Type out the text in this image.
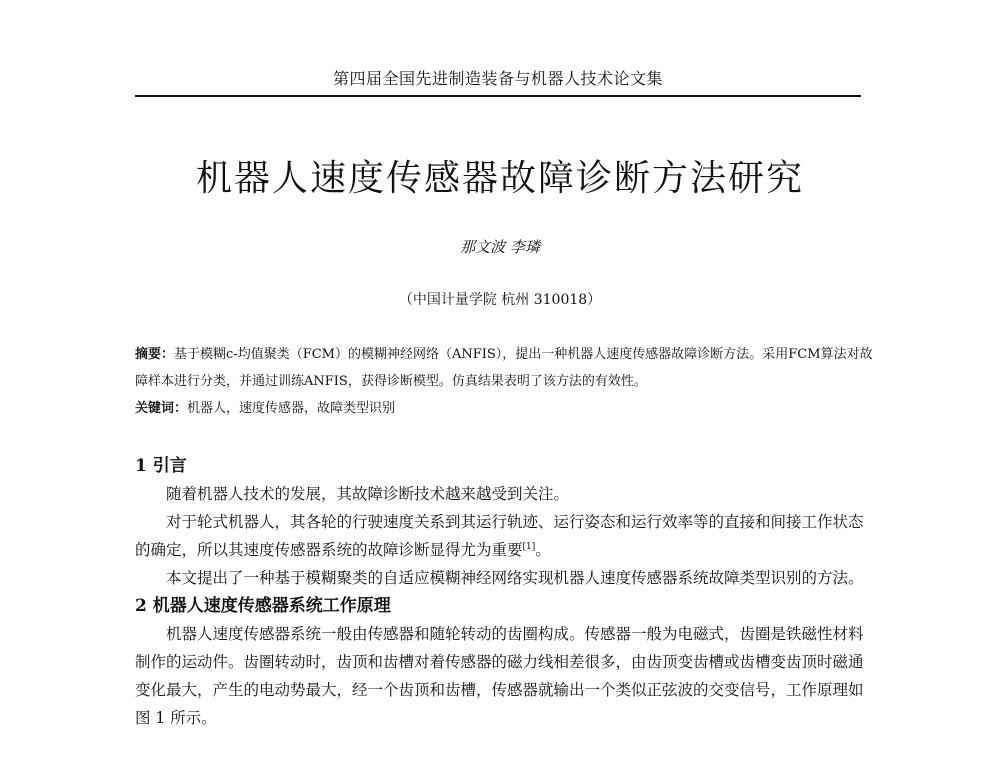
第四届全国先进制造装备与机器人技术论文集
机器人速度传感器故障诊断方法研究
那文波 李璘
（中国计量学院 杭州 310018）
摘要：基于模糊c-均值聚类（FCM）的模糊神经网络（ANFIS），提出一种机器人速度传感器故障诊断方法。采用FCM算法对故障样本进行分类，并通过训练ANFIS，获得诊断模型。仿真结果表明了该方法的有效性。
关键词：机器人，速度传感器，故障类型识别
1 引言
随着机器人技术的发展，其故障诊断技术越来越受到关注。
对于轮式机器人，其各轮的行驶速度关系到其运行轨迹、运行姿态和运行效率等的直接和间接工作状态的确定，所以其速度传感器系统的故障诊断显得尤为重要[1]。
本文提出了一种基于模糊聚类的自适应模糊神经网络实现机器人速度传感器系统故障类型识别的方法。
2 机器人速度传感器系统工作原理
机器人速度传感器系统一般由传感器和随轮转动的齿圈构成。传感器一般为电磁式，齿圈是铁磁性材料制作的运动件。齿圈转动时，齿顶和齿槽对着传感器的磁力线相差很多，由齿顶变齿槽或齿槽变齿顶时磁通变化最大，产生的电动势最大，经一个齿顶和齿槽，传感器就输出一个类似正弦波的交变信号，工作原理如图 1 所示。
